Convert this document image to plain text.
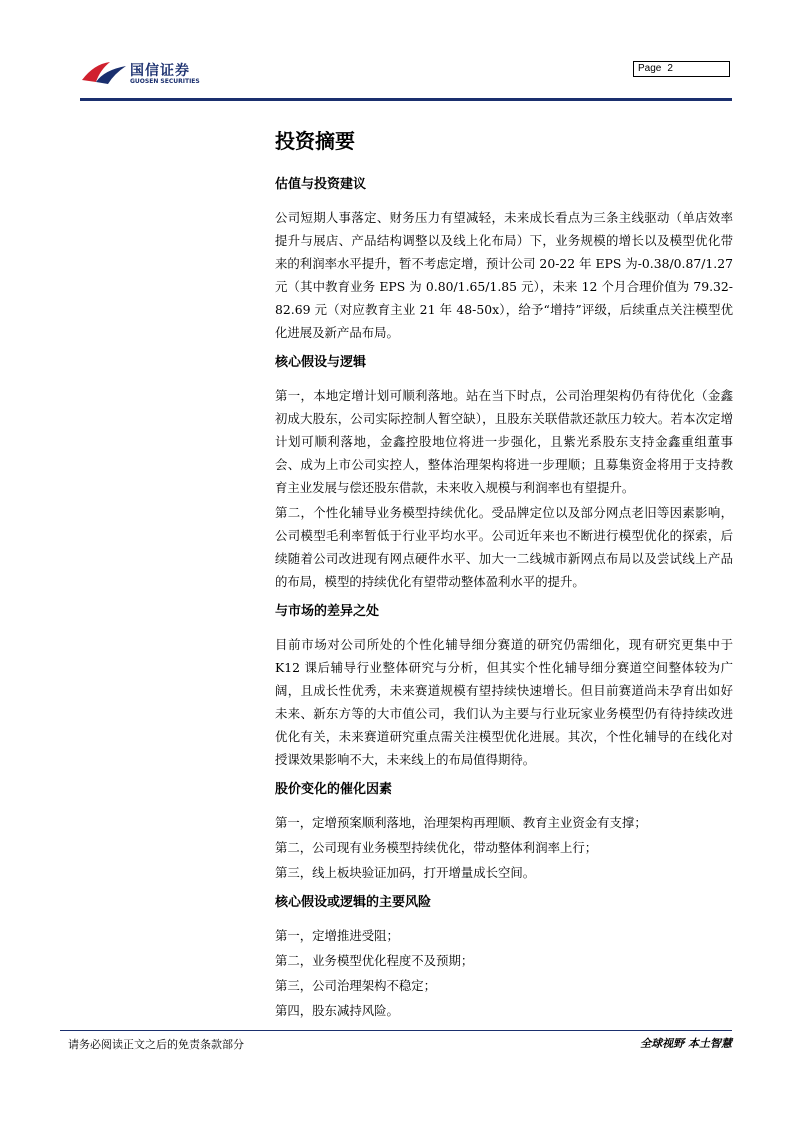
国信证券
GUOSEN SECURITIES
Page 2
投资摘要
估值与投资建议
公司短期人事落定、财务压力有望减轻，未来成长看点为三条主线驱动（单店效率提升与展店、产品结构调整以及线上化布局）下，业务规模的增长以及模型优化带来的利润率水平提升，暂不考虑定增，预计公司 20-22 年 EPS 为-0.38/0.87/1.27 元（其中教育业务 EPS 为 0.80/1.65/1.85 元），未来 12 个月合理价值为 79.32-82.69 元（对应教育主业 21 年 48-50x），给予“增持”评级，后续重点关注模型优化进展及新产品布局。
核心假设与逻辑
第一，本地定增计划可顺利落地。站在当下时点，公司治理架构仍有待优化（金鑫初成大股东，公司实际控制人暂空缺），且股东关联借款还款压力较大。若本次定增计划可顺利落地，金鑫控股地位将进一步强化，且紫光系股东支持金鑫重组董事会、成为上市公司实控人，整体治理架构将进一步理顺；且募集资金将用于支持教育主业发展与偿还股东借款，未来收入规模与利润率也有望提升。
第二，个性化辅导业务模型持续优化。受品牌定位以及部分网点老旧等因素影响，公司模型毛利率暂低于行业平均水平。公司近年来也不断进行模型优化的探索，后续随着公司改进现有网点硬件水平、加大一二线城市新网点布局以及尝试线上产品的布局，模型的持续优化有望带动整体盈利水平的提升。
与市场的差异之处
目前市场对公司所处的个性化辅导细分赛道的研究仍需细化，现有研究更集中于 K12 课后辅导行业整体研究与分析，但其实个性化辅导细分赛道空间整体较为广阔，且成长性优秀，未来赛道规模有望持续快速增长。但目前赛道尚未孕育出如好未来、新东方等的大市值公司，我们认为主要与行业玩家业务模型仍有待持续改进优化有关，未来赛道研究重点需关注模型优化进展。其次，个性化辅导的在线化对授课效果影响不大，未来线上的布局值得期待。
股价变化的催化因素
第一，定增预案顺利落地，治理架构再理顺、教育主业资金有支撑；
第二，公司现有业务模型持续优化，带动整体利润率上行；
第三，线上板块验证加码，打开增量成长空间。
核心假设或逻辑的主要风险
第一，定增推进受阻；
第二，业务模型优化程度不及预期；
第三，公司治理架构不稳定；
第四，股东减持风险。
请务必阅读正文之后的免责条款部分	全球视野 本土智慧
